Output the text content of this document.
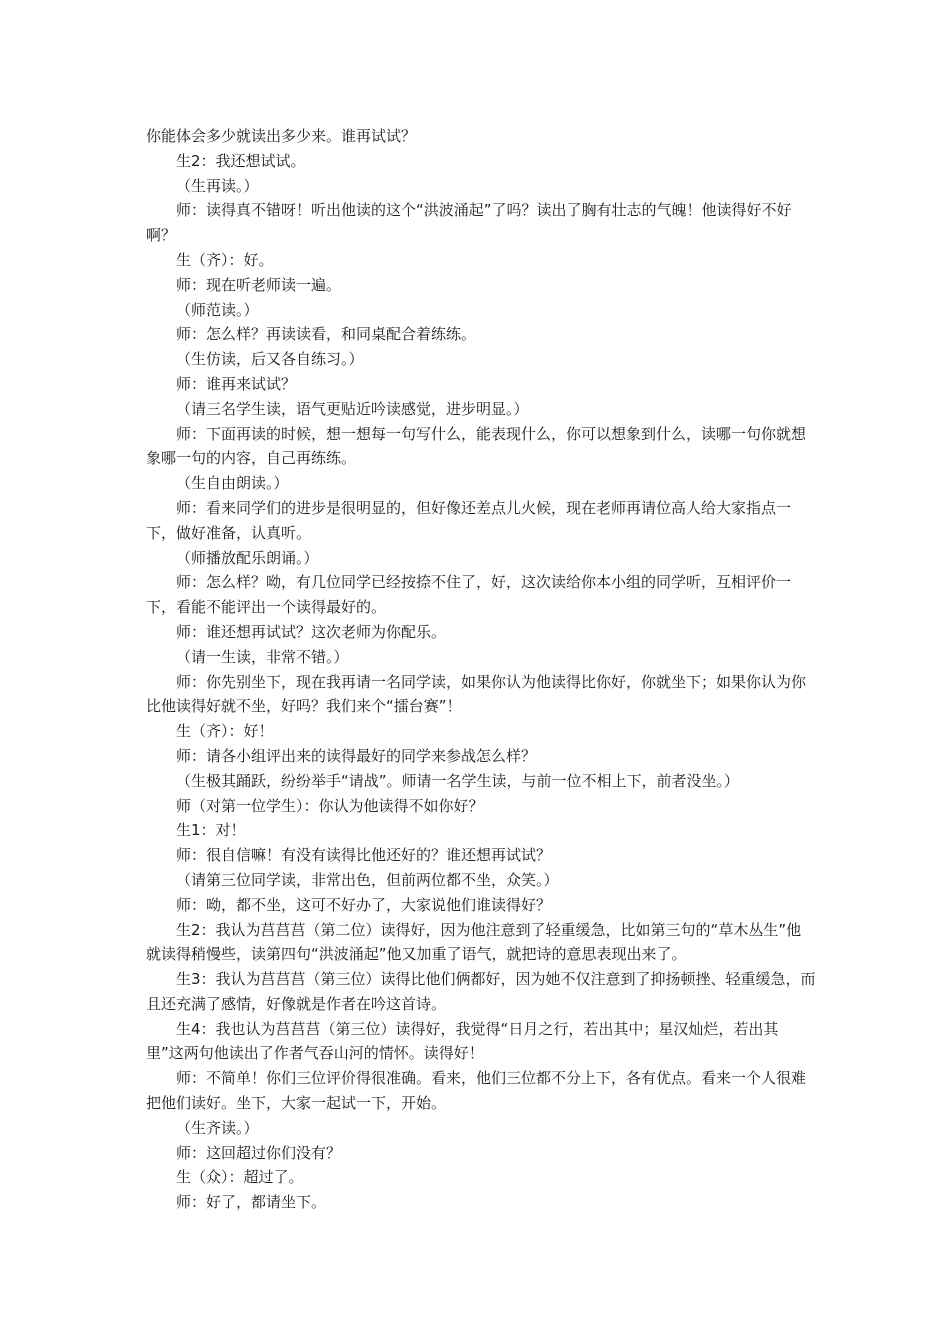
你能体会多少就读出多少来。谁再试试？

生2：我还想试试。

（生再读。）

师：读得真不错呀！听出他读的这个“洪波涌起”了吗？读出了胸有壮志的气魄！他读得好不好啊？

生（齐）：好。

师：现在听老师读一遍。

（师范读。）

师：怎么样？再读读看，和同桌配合着练练。

（生仿读，后又各自练习。）

师：谁再来试试？

（请三名学生读，语气更贴近吟读感觉，进步明显。）

师：下面再读的时候，想一想每一句写什么，能表现什么，你可以想象到什么，读哪一句你就想象哪一句的内容，自己再练练。

（生自由朗读。）

师：看来同学们的进步是很明显的，但好像还差点儿火候，现在老师再请位高人给大家指点一下，做好准备，认真听。

（师播放配乐朗诵。）

师：怎么样？呦，有几位同学已经按捺不住了，好，这次读给你本小组的同学听，互相评价一下，看能不能评出一个读得最好的。

师：谁还想再试试？这次老师为你配乐。

（请一生读，非常不错。）

师：你先别坐下，现在我再请一名同学读，如果你认为他读得比你好，你就坐下；如果你认为你比他读得好就不坐，好吗？我们来个“擂台赛”！

生（齐）：好！

师：请各小组评出来的读得最好的同学来参战怎么样？

（生极其踊跃，纷纷举手“请战”。师请一名学生读，与前一位不相上下，前者没坐。）

师（对第一位学生）：你认为他读得不如你好？

生1：对！

师：很自信嘛！有没有读得比他还好的？谁还想再试试？

（请第三位同学读，非常出色，但前两位都不坐，众笑。）

师：呦，都不坐，这可不好办了，大家说他们谁读得好？

生2：我认为莒莒莒（第二位）读得好，因为他注意到了轻重缓急，比如第三句的“草木丛生”他就读得稍慢些，读第四句“洪波涌起”他又加重了语气，就把诗的意思表现出来了。

生3：我认为莒莒莒（第三位）读得比他们俩都好，因为她不仅注意到了抑扬顿挫、轻重缓急，而且还充满了感情，好像就是作者在吟这首诗。

生4：我也认为莒莒莒（第三位）读得好，我觉得“日月之行，若出其中；星汉灿烂，若出其里”这两句他读出了作者气吞山河的情怀。读得好！

师：不简单！你们三位评价得很准确。看来，他们三位都不分上下，各有优点。看来一个人很难把他们读好。坐下，大家一起试一下，开始。

（生齐读。）

师：这回超过你们没有？

生（众）：超过了。

师：好了，都请坐下。
